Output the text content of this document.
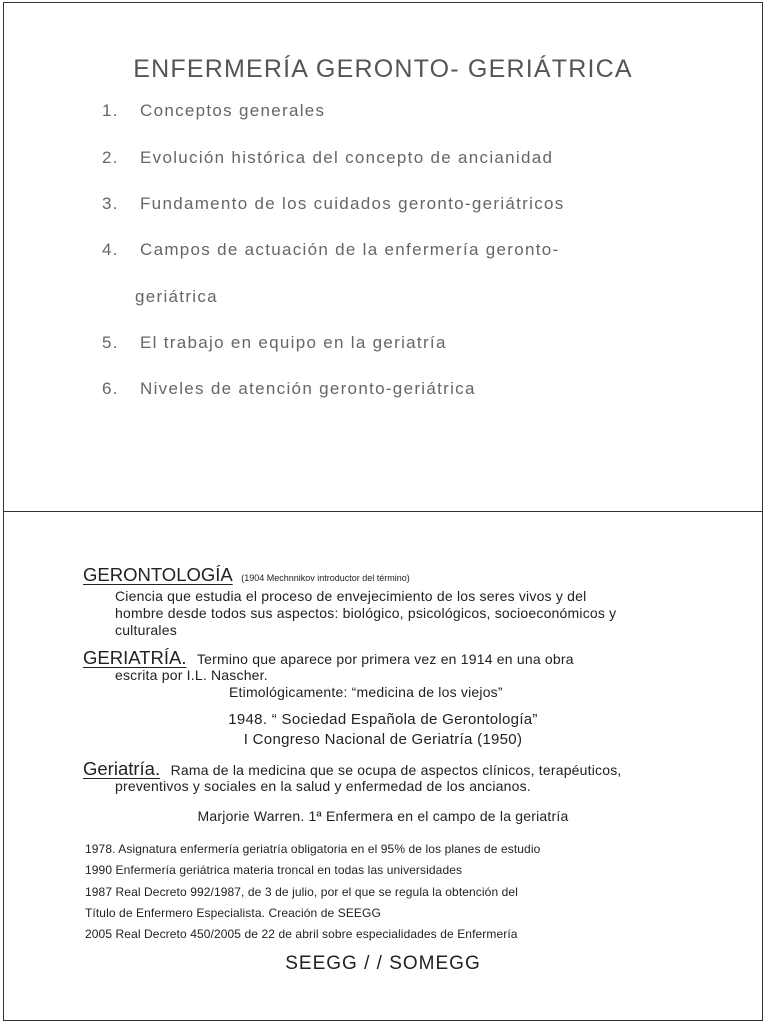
ENFERMERÍA GERONTO- GERIÁTRICA
1. Conceptos generales
2. Evolución histórica del concepto de ancianidad
3. Fundamento de los cuidados geronto-geriátricos
4. Campos de actuación de la enfermería geronto-
geriátrica
5. El trabajo en equipo en la geriatría
6. Niveles de atención geronto-geriátrica
GERONTOLOGÍA (1904 Mechnnikov introductor del término)
Ciencia que estudia el proceso de envejecimiento de los seres vivos y del
hombre desde todos sus aspectos: biológico, psicológicos, socioeconómicos y
culturales
GERIATRÍA. Termino que aparece por primera vez en 1914 en una obra
escrita por I.L. Nascher.
Etimológicamente: “medicina de los viejos”
1948. “ Sociedad Española de Gerontología”
I Congreso Nacional de Geriatría (1950)
Geriatría. Rama de la medicina que se ocupa de aspectos clínicos, terapéuticos,
preventivos y sociales en la salud y enfermedad de los ancianos.
Marjorie Warren. 1ª Enfermera en el campo de la geriatría
1978. Asignatura enfermería geriatría obligatoria en el 95% de los planes de estudio
1990 Enfermería geriátrica materia troncal en todas las universidades
1987 Real Decreto 992/1987, de 3 de julio, por el que se regula la obtención del
Título de Enfermero Especialista. Creación de SEEGG
2005 Real Decreto 450/2005 de 22 de abril sobre especialidades de Enfermería
SEEGG / / SOMEGG
